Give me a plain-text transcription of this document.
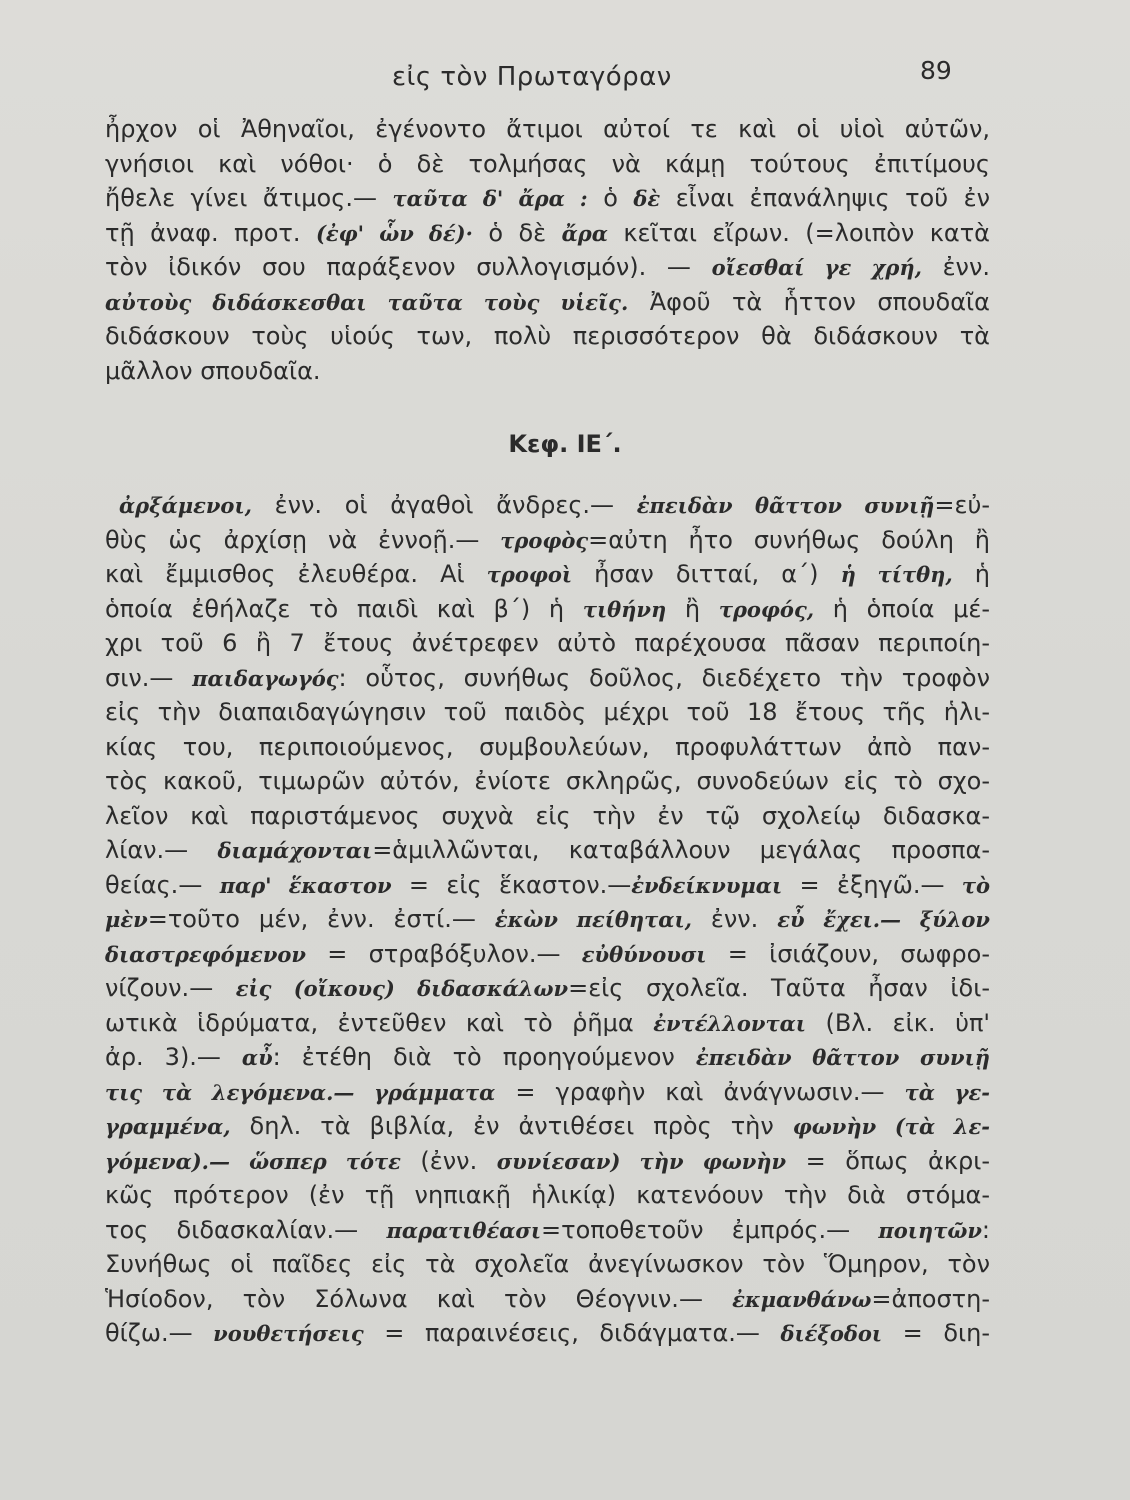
εἰς τὸν Πρωταγόραν	89
ἦρχον οἱ Ἀθηναῖοι, ἐγένοντο ἄτιμοι αὐτοί τε καὶ οἱ υἱοὶ αὐτῶν,
γνήσιοι καὶ νόθοι· ὁ δὲ τολμήσας νὰ κάμῃ τούτους ἐπιτίμους
ἤθελε γίνει ἄτιμος.— ταῦτα δ' ἄρα : ὁ δὲ εἶναι ἐπανάληψις τοῦ ἐν
τῇ ἀναφ. προτ. (ἐφ' ὧν δέ)· ὁ δὲ ἄρα κεῖται εἴρων. (=λοιπὸν κατὰ
τὸν ἰδικόν σου παράξενον συλλογισμόν). — οἴεσθαί γε χρή, ἐνν.
αὐτοὺς διδάσκεσθαι ταῦτα τοὺς υἱεῖς. Ἀφοῦ τὰ ἧττον σπουδαῖα
διδάσκουν τοὺς υἱούς των, πολὺ περισσότερον θὰ διδάσκουν τὰ
μᾶλλον σπουδαῖα.
Κεφ. ΙΕ΄.
ἀρξάμενοι, ἐνν. οἱ ἀγαθοὶ ἄνδρες.— ἐπειδὰν θᾶττον συνιῇ=εὐ-
θὺς ὡς ἀρχίσῃ νὰ ἐννοῇ.— τροφὸς=αὐτη ἦτο συνήθως δούλη ἢ
καὶ ἔμμισθος ἐλευθέρα. Αἱ τροφοὶ ἦσαν διτταί, α΄) ἡ τίτθη, ἡ
ὁποία ἐθήλαζε τὸ παιδὶ καὶ β΄) ἡ τιθήνη ἢ τροφός, ἡ ὁποία μέ-
χρι τοῦ 6 ἢ 7 ἔτους ἀνέτρεφεν αὐτὸ παρέχουσα πᾶσαν περιποίη-
σιν.— παιδαγωγός: οὗτος, συνήθως δοῦλος, διεδέχετο τὴν τροφὸν
εἰς τὴν διαπαιδαγώγησιν τοῦ παιδὸς μέχρι τοῦ 18 ἔτους τῆς ἡλι-
κίας του, περιποιούμενος, συμβουλεύων, προφυλάττων ἀπὸ παν-
τὸς κακοῦ, τιμωρῶν αὐτόν, ἐνίοτε σκληρῶς, συνοδεύων εἰς τὸ σχο-
λεῖον καὶ παριστάμενος συχνὰ εἰς τὴν ἐν τῷ σχολείῳ διδασκα-
λίαν.— διαμάχονται=ἁμιλλῶνται, καταβάλλουν μεγάλας προσπα-
θείας.— παρ' ἕκαστον = εἰς ἕκαστον.—ἐνδείκνυμαι = ἐξηγῶ.— τὸ
μὲν=τοῦτο μέν, ἐνν. ἐστί.— ἑκὼν πείθηται, ἐνν. εὖ ἔχει.— ξύλον
διαστρεφόμενον = στραβόξυλον.— εὐθύνουσι = ἰσιάζουν, σωφρο-
νίζουν.— εἰς (οἴκους) διδασκάλων=εἰς σχολεῖα. Ταῦτα ἦσαν ἰδι-
ωτικὰ ἱδρύματα, ἐντεῦθεν καὶ τὸ ῥῆμα ἐντέλλονται (Βλ. εἰκ. ὑπ'
ἀρ. 3).— αὖ: ἐτέθη διὰ τὸ προηγούμενον ἐπειδὰν θᾶττον συνιῇ
τις τὰ λεγόμενα.— γράμματα = γραφὴν καὶ ἀνάγνωσιν.— τὰ γε-
γραμμένα, δηλ. τὰ βιβλία, ἐν ἀντιθέσει πρὸς τὴν φωνὴν (τὰ λε-
γόμενα).— ὥσπερ τότε (ἐνν. συνίεσαν) τὴν φωνὴν = ὅπως ἀκρι-
κῶς πρότερον (ἐν τῇ νηπιακῇ ἡλικίᾳ) κατενόουν τὴν διὰ στόμα-
τος διδασκαλίαν.— παρατιθέασι=τοποθετοῦν ἐμπρός.— ποιητῶν:
Συνήθως οἱ παῖδες εἰς τὰ σχολεῖα ἀνεγίνωσκον τὸν Ὅμηρον, τὸν
Ἡσίοδον, τὸν Σόλωνα καὶ τὸν Θέογνιν.— ἐκμανθάνω=ἀποστη-
θίζω.— νουθετήσεις = παραινέσεις, διδάγματα.— διέξοδοι = διη-
